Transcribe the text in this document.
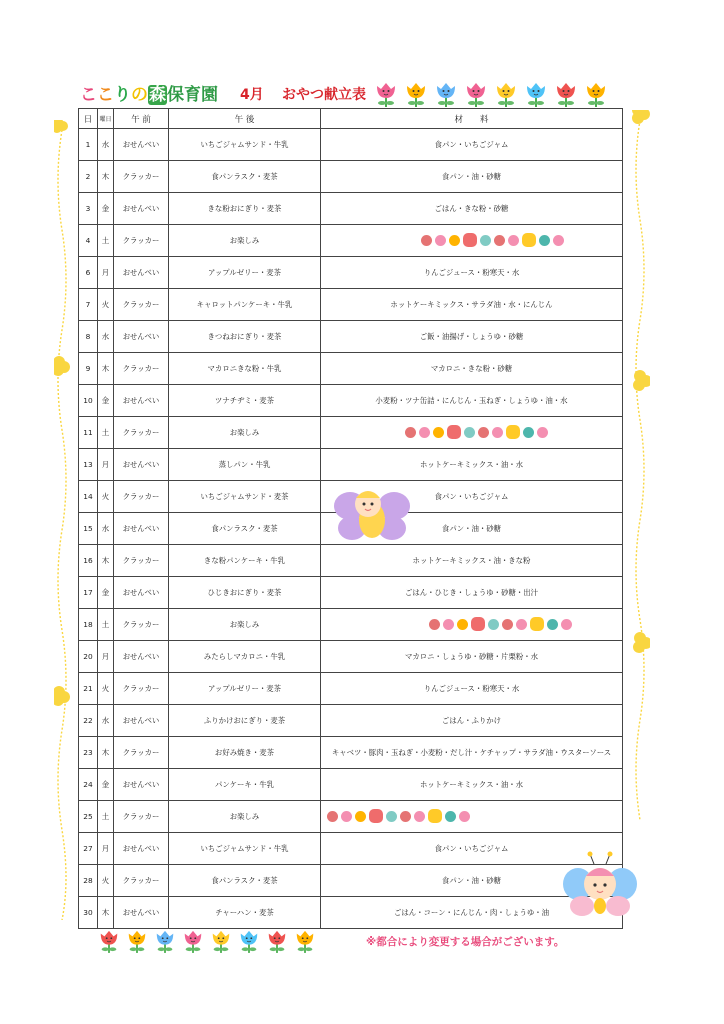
ここりの森保育園 4月 おやつ献立表
日	曜日	午 前	午 後	材　　料
1	水	おせんべい	いちごジャムサンド・牛乳	食パン・いちごジャム
2	木	クラッカー	食パンラスク・麦茶	食パン・油・砂糖
3	金	おせんべい	きな粉おにぎり・麦茶	ごはん・きな粉・砂糖
4	土	クラッカー	お楽しみ	

6	月	おせんべい	アップルゼリー・麦茶	りんごジュース・粉寒天・水
7	火	クラッカー	キャロットパンケーキ・牛乳	ホットケーキミックス・サラダ油・水・にんじん
8	水	おせんべい	きつねおにぎり・麦茶	ご飯・油揚げ・しょうゆ・砂糖
9	木	クラッカー	マカロニきな粉・牛乳	マカロニ・きな粉・砂糖
10	金	おせんべい	ツナチヂミ・麦茶	小麦粉・ツナ缶詰・にんじん・玉ねぎ・しょうゆ・油・水
11	土	クラッカー	お楽しみ	

13	月	おせんべい	蒸しパン・牛乳	ホットケーキミックス・油・水
14	火	クラッカー	いちごジャムサンド・麦茶	食パン・いちごジャム
15	水	おせんべい	食パンラスク・麦茶	食パン・油・砂糖
16	木	クラッカー	きな粉パンケーキ・牛乳	ホットケーキミックス・油・きな粉
17	金	おせんべい	ひじきおにぎり・麦茶	ごはん・ひじき・しょうゆ・砂糖・出汁
18	土	クラッカー	お楽しみ	

20	月	おせんべい	みたらしマカロニ・牛乳	マカロニ・しょうゆ・砂糖・片栗粉・水
21	火	クラッカー	アップルゼリー・麦茶	りんごジュース・粉寒天・水
22	水	おせんべい	ふりかけおにぎり・麦茶	ごはん・ふりかけ
23	木	クラッカー	お好み焼き・麦茶	キャベツ・豚肉・玉ねぎ・小麦粉・だし汁・ケチャップ・サラダ油・ウスターソース
24	金	おせんべい	パンケーキ・牛乳	ホットケーキミックス・油・水
25	土	クラッカー	お楽しみ	

27	月	おせんべい	いちごジャムサンド・牛乳	食パン・いちごジャム
28	火	クラッカー	食パンラスク・麦茶	食パン・油・砂糖
30	木	おせんべい	チャーハン・麦茶	ごはん・コーン・にんじん・肉・しょうゆ・油
※都合により変更する場合がございます。
